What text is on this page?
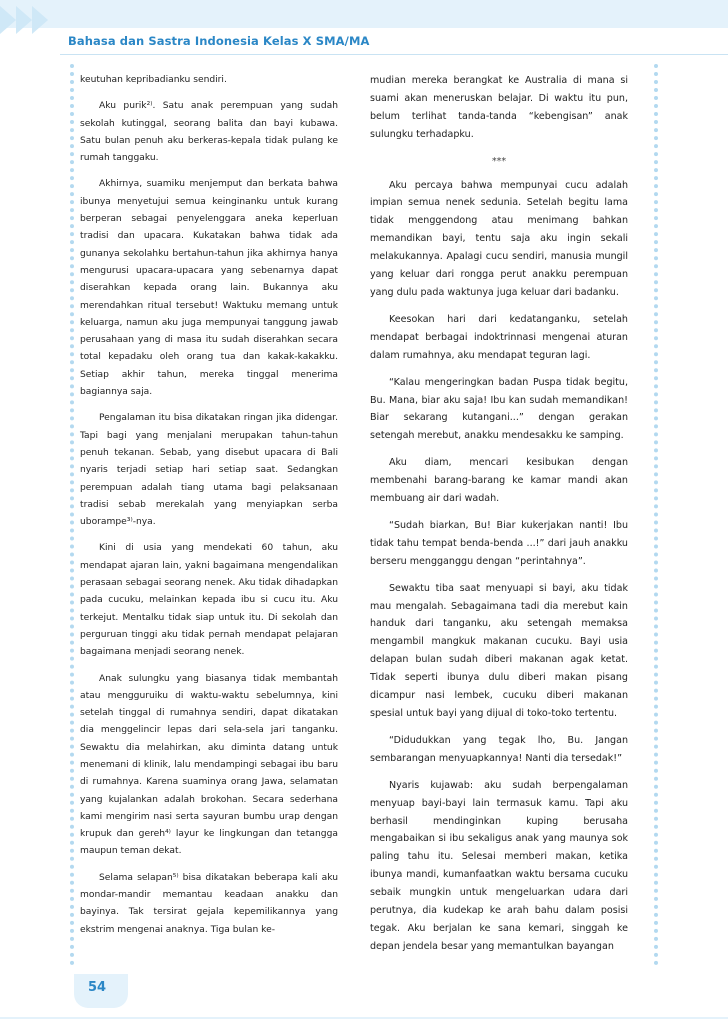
Bahasa dan Sastra Indonesia Kelas X SMA/MA

keutuhan kepribadianku sendiri.

Aku purik²⁾. Satu anak perempuan yang sudah sekolah kutinggal, seorang balita dan bayi kubawa. Satu bulan penuh aku berkeras-kepala tidak pulang ke rumah tanggaku.

Akhirnya, suamiku menjemput dan berkata bahwa ibunya menyetujui semua keinginanku untuk kurang berperan sebagai penyelenggara aneka keperluan tradisi dan upacara. Kukatakan bahwa tidak ada gunanya sekolahku bertahun-tahun jika akhirnya hanya mengurusi upacara-upacara yang sebenarnya dapat diserahkan kepada orang lain. Bukannya aku merendahkan ritual tersebut! Waktuku memang untuk keluarga, namun aku juga mempunyai tanggung jawab perusahaan yang di masa itu sudah diserahkan secara total kepadaku oleh orang tua dan kakak-kakakku. Setiap akhir tahun, mereka tinggal menerima bagiannya saja.

Pengalaman itu bisa dikatakan ringan jika didengar. Tapi bagi yang menjalani merupakan tahun-tahun penuh tekanan. Sebab, yang disebut upacara di Bali nyaris terjadi setiap hari setiap saat. Sedangkan perempuan adalah tiang utama bagi pelaksanaan tradisi sebab merekalah yang menyiapkan serba uborampe³⁾-nya.

Kini di usia yang mendekati 60 tahun, aku mendapat ajaran lain, yakni bagaimana mengendalikan perasaan sebagai seorang nenek. Aku tidak dihadapkan pada cucuku, melainkan kepada ibu si cucu itu. Aku terkejut. Mentalku tidak siap untuk itu. Di sekolah dan perguruan tinggi aku tidak pernah mendapat pelajaran bagaimana menjadi seorang nenek.

Anak sulungku yang biasanya tidak membantah atau mengguruiku di waktu-waktu sebelumnya, kini setelah tinggal di rumahnya sendiri, dapat dikatakan dia menggelincir lepas dari sela-sela jari tanganku. Sewaktu dia melahirkan, aku diminta datang untuk menemani di klinik, lalu mendampingi sebagai ibu baru di rumahnya. Karena suaminya orang Jawa, selamatan yang kujalankan adalah brokohan. Secara sederhana kami mengirim nasi serta sayuran bumbu urap dengan krupuk dan gereh⁴⁾ layur ke lingkungan dan tetangga maupun teman dekat.

Selama selapan⁵⁾ bisa dikatakan beberapa kali aku mondar-mandir memantau keadaan anakku dan bayinya. Tak tersirat gejala kepemilikannya yang ekstrim mengenai anaknya. Tiga bulan ke-

mudian mereka berangkat ke Australia di mana si suami akan meneruskan belajar. Di waktu itu pun, belum terlihat tanda-tanda “kebengisan” anak sulungku terhadapku.

***

Aku percaya bahwa mempunyai cucu adalah impian semua nenek sedunia. Setelah begitu lama tidak menggendong atau menimang bahkan memandikan bayi, tentu saja aku ingin sekali melakukannya. Apalagi cucu sendiri, manusia mungil yang keluar dari rongga perut anakku perempuan yang dulu pada waktunya juga keluar dari badanku.

Keesokan hari dari kedatanganku, setelah mendapat berbagai indoktrinnasi mengenai aturan dalam rumahnya, aku mendapat teguran lagi.

“Kalau mengeringkan badan Puspa tidak begitu, Bu. Mana, biar aku saja! Ibu kan sudah memandikan! Biar sekarang kutangani...” dengan gerakan setengah merebut, anakku mendesakku ke samping.

Aku diam, mencari kesibukan dengan membenahi barang-barang ke kamar mandi akan membuang air dari wadah.

“Sudah biarkan, Bu! Biar kukerjakan nanti! Ibu tidak tahu tempat benda-benda ...!” dari jauh anakku berseru mengganggu dengan “perintahnya”.

Sewaktu tiba saat menyuapi si bayi, aku tidak mau mengalah. Sebagaimana tadi dia merebut kain handuk dari tanganku, aku setengah memaksa mengambil mangkuk makanan cucuku. Bayi usia delapan bulan sudah diberi makanan agak ketat. Tidak seperti ibunya dulu diberi makan pisang dicampur nasi lembek, cucuku diberi makanan spesial untuk bayi yang dijual di toko-toko tertentu.

“Didudukkan yang tegak lho, Bu. Jangan sembarangan menyuapkannya! Nanti dia tersedak!”

Nyaris kujawab: aku sudah berpengalaman menyuap bayi-bayi lain termasuk kamu. Tapi aku berhasil mendinginkan kuping berusaha mengabaikan si ibu sekaligus anak yang maunya sok paling tahu itu. Selesai memberi makan, ketika ibunya mandi, kumanfaatkan waktu bersama cucuku sebaik mungkin untuk mengeluarkan udara dari perutnya, dia kudekap ke arah bahu dalam posisi tegak. Aku berjalan ke sana kemari, singgah ke depan jendela besar yang memantulkan bayangan

54
